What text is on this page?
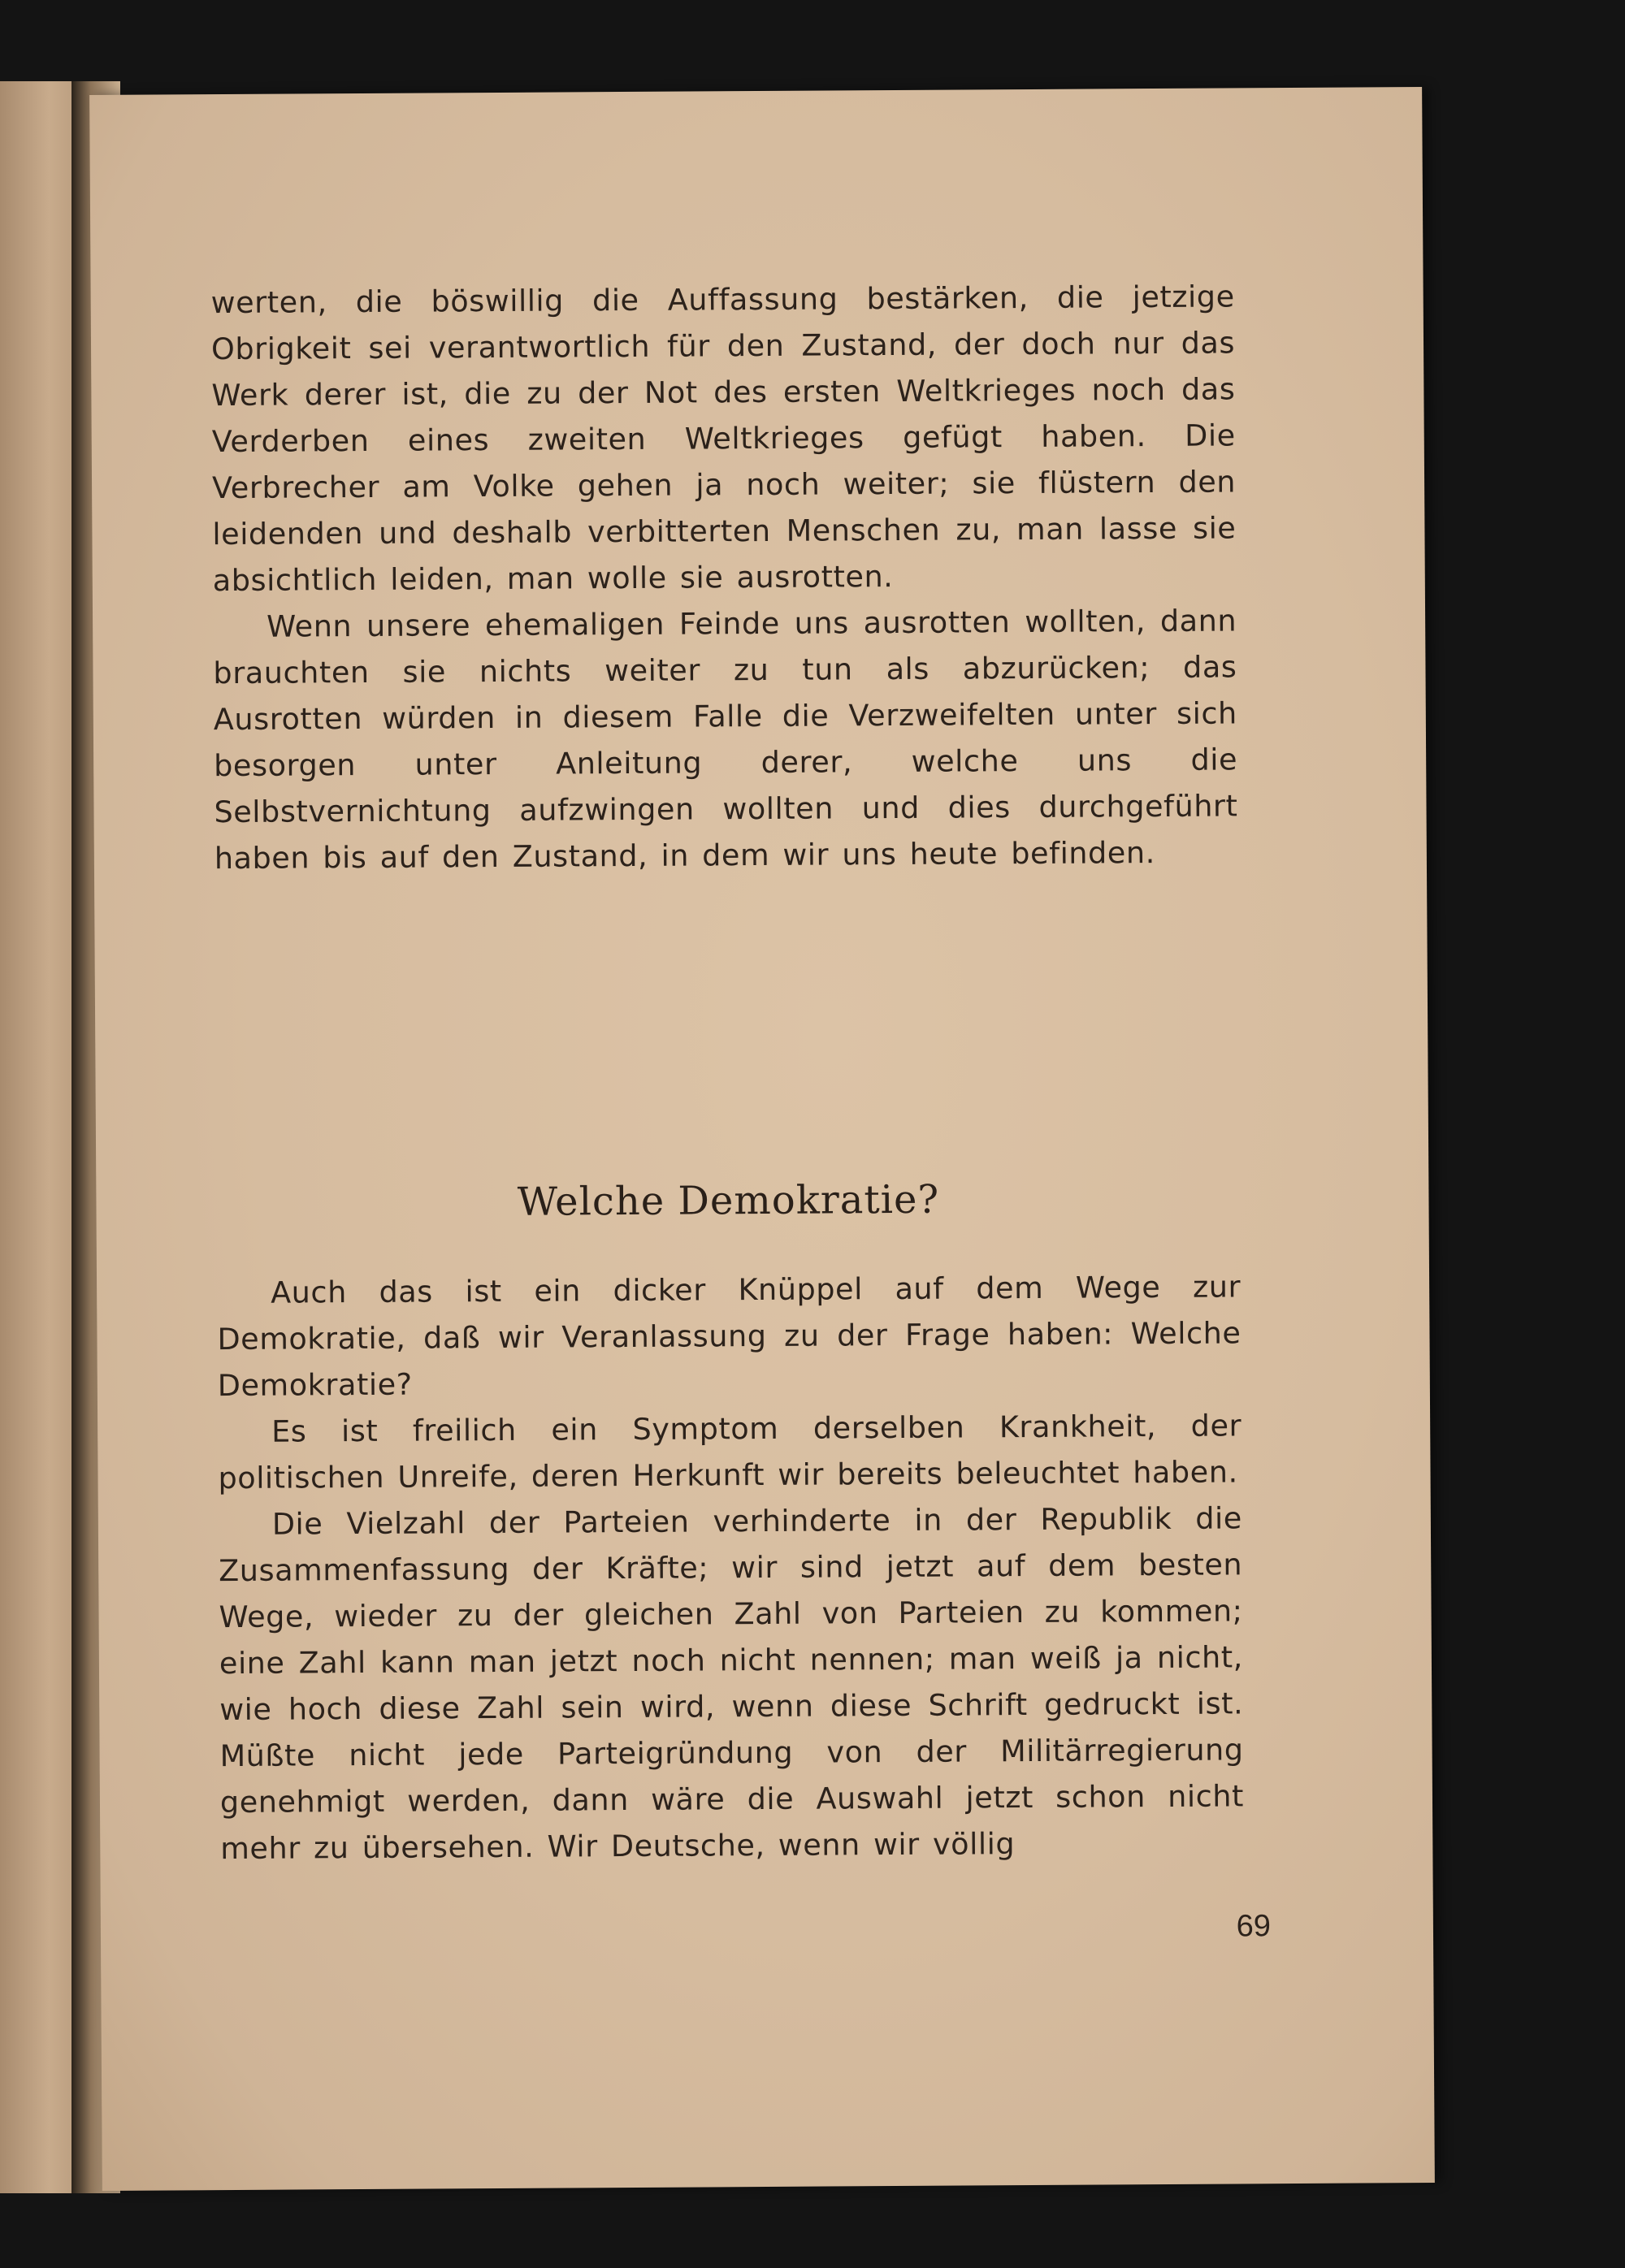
werten, die böswillig die Auffassung bestärken, die jetzige Obrigkeit sei verantwortlich für den Zustand, der doch nur das Werk derer ist, die zu der Not des ersten Weltkrieges noch das Verderben eines zweiten Weltkrieges gefügt haben. Die Verbrecher am Volke gehen ja noch weiter; sie flüstern den leidenden und deshalb verbitterten Menschen zu, man lasse sie absichtlich leiden, man wolle sie ausrotten.

Wenn unsere ehemaligen Feinde uns ausrotten wollten, dann brauchten sie nichts weiter zu tun als abzurücken; das Ausrotten würden in diesem Falle die Verzweifelten unter sich besorgen unter Anleitung derer, welche uns die Selbstvernichtung aufzwingen wollten und dies durchgeführt haben bis auf den Zustand, in dem wir uns heute befinden.

Welche Demokratie?

Auch das ist ein dicker Knüppel auf dem Wege zur Demokratie, daß wir Veranlassung zu der Frage haben: Welche Demokratie?

Es ist freilich ein Symptom derselben Krankheit, der politischen Unreife, deren Herkunft wir bereits beleuchtet haben.

Die Vielzahl der Parteien verhinderte in der Republik die Zusammenfassung der Kräfte; wir sind jetzt auf dem besten Wege, wieder zu der gleichen Zahl von Parteien zu kommen; eine Zahl kann man jetzt noch nicht nennen; man weiß ja nicht, wie hoch diese Zahl sein wird, wenn diese Schrift gedruckt ist. Müßte nicht jede Parteigründung von der Militärregierung genehmigt werden, dann wäre die Auswahl jetzt schon nicht mehr zu übersehen. Wir Deutsche, wenn wir völlig

69
